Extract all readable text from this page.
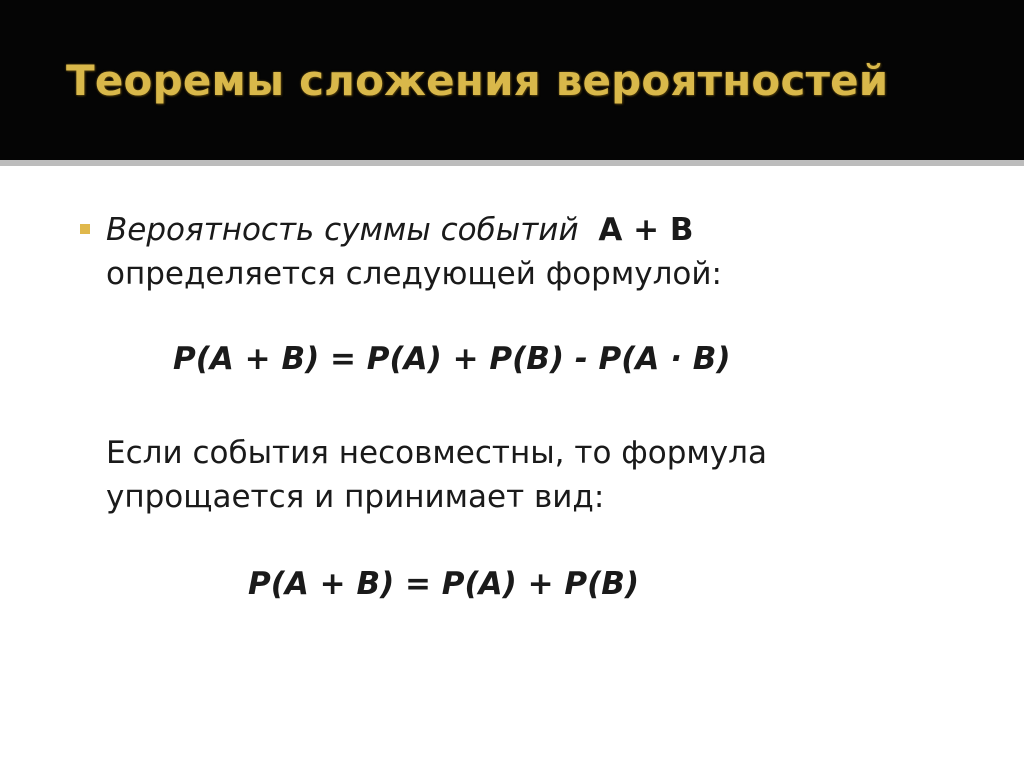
Теоремы сложения вероятностей
Вероятность суммы событий A + B
определяется следующей формулой:
P(A + B) = P(A) + P(B) - P(A · B)
Если события несовместны, то формула
упрощается и принимает вид:
P(A + B) = P(A) + P(B)
